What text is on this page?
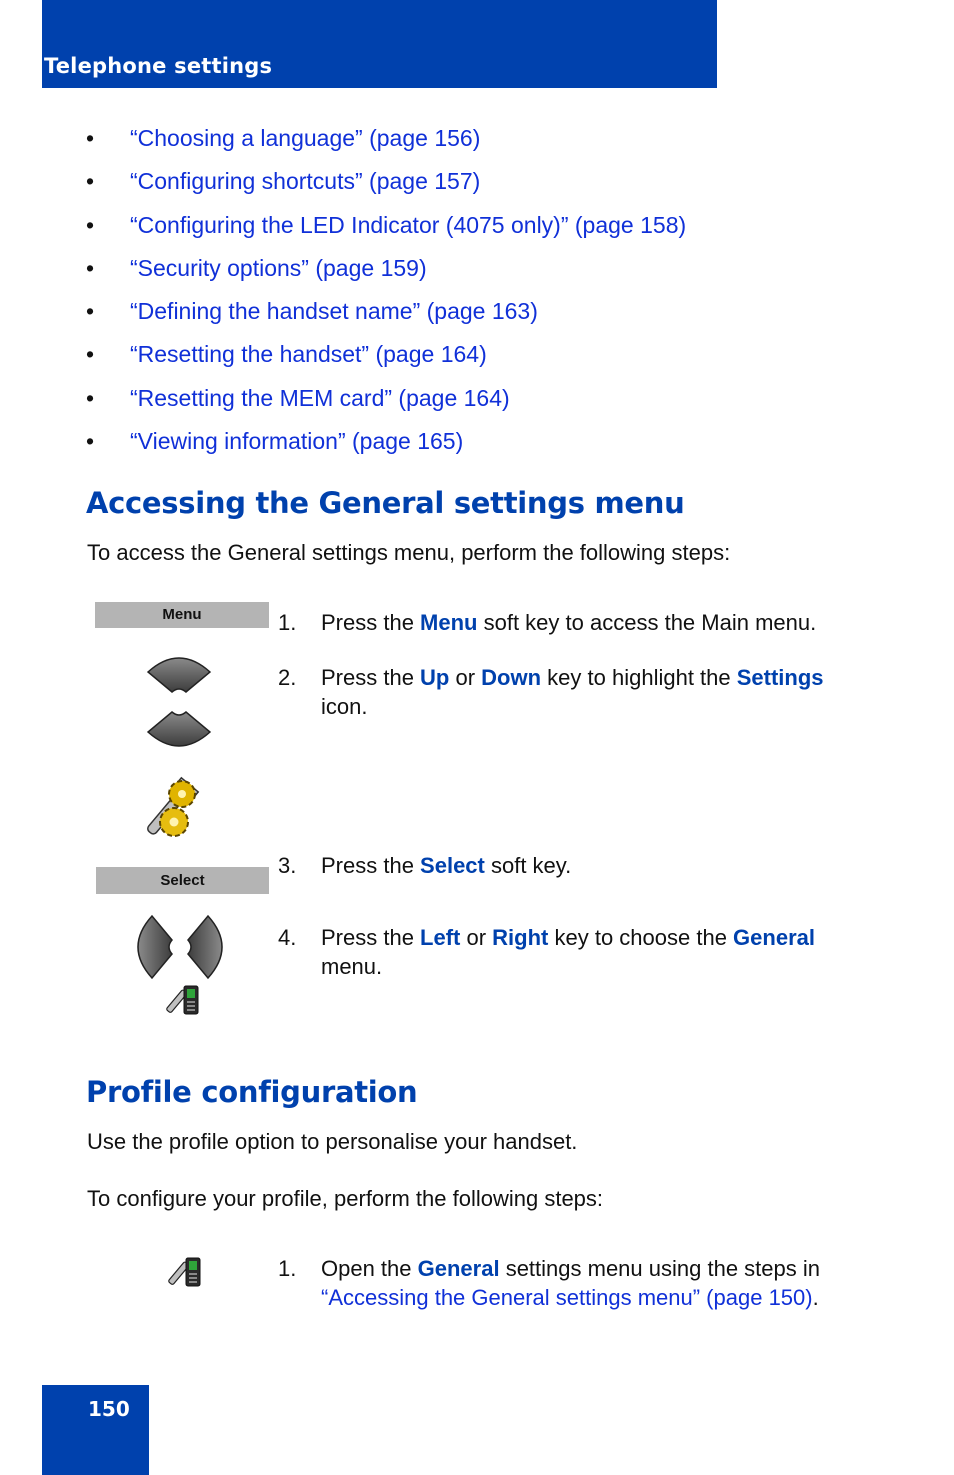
Telephone settings
• “Choosing a language” (page 156)
• “Configuring shortcuts” (page 157)
• “Configuring the LED Indicator (4075 only)” (page 158)
• “Security options” (page 159)
• “Defining the handset name” (page 163)
• “Resetting the handset” (page 164)
• “Resetting the MEM card” (page 164)
• “Viewing information” (page 165)
Accessing the General settings menu

To access the General settings menu, perform the following steps:

Menu
Select
1. Press the Menu soft key to access the Main menu.
2. Press the Up or Down key to highlight the Settings icon.
3. Press the Select soft key.
4. Press the Left or Right key to choose the General menu.
Profile configuration

Use the profile option to personalise your handset.

To configure your profile, perform the following steps:

1. Open the General settings menu using the steps in “Accessing the General settings menu” (page 150).
150
